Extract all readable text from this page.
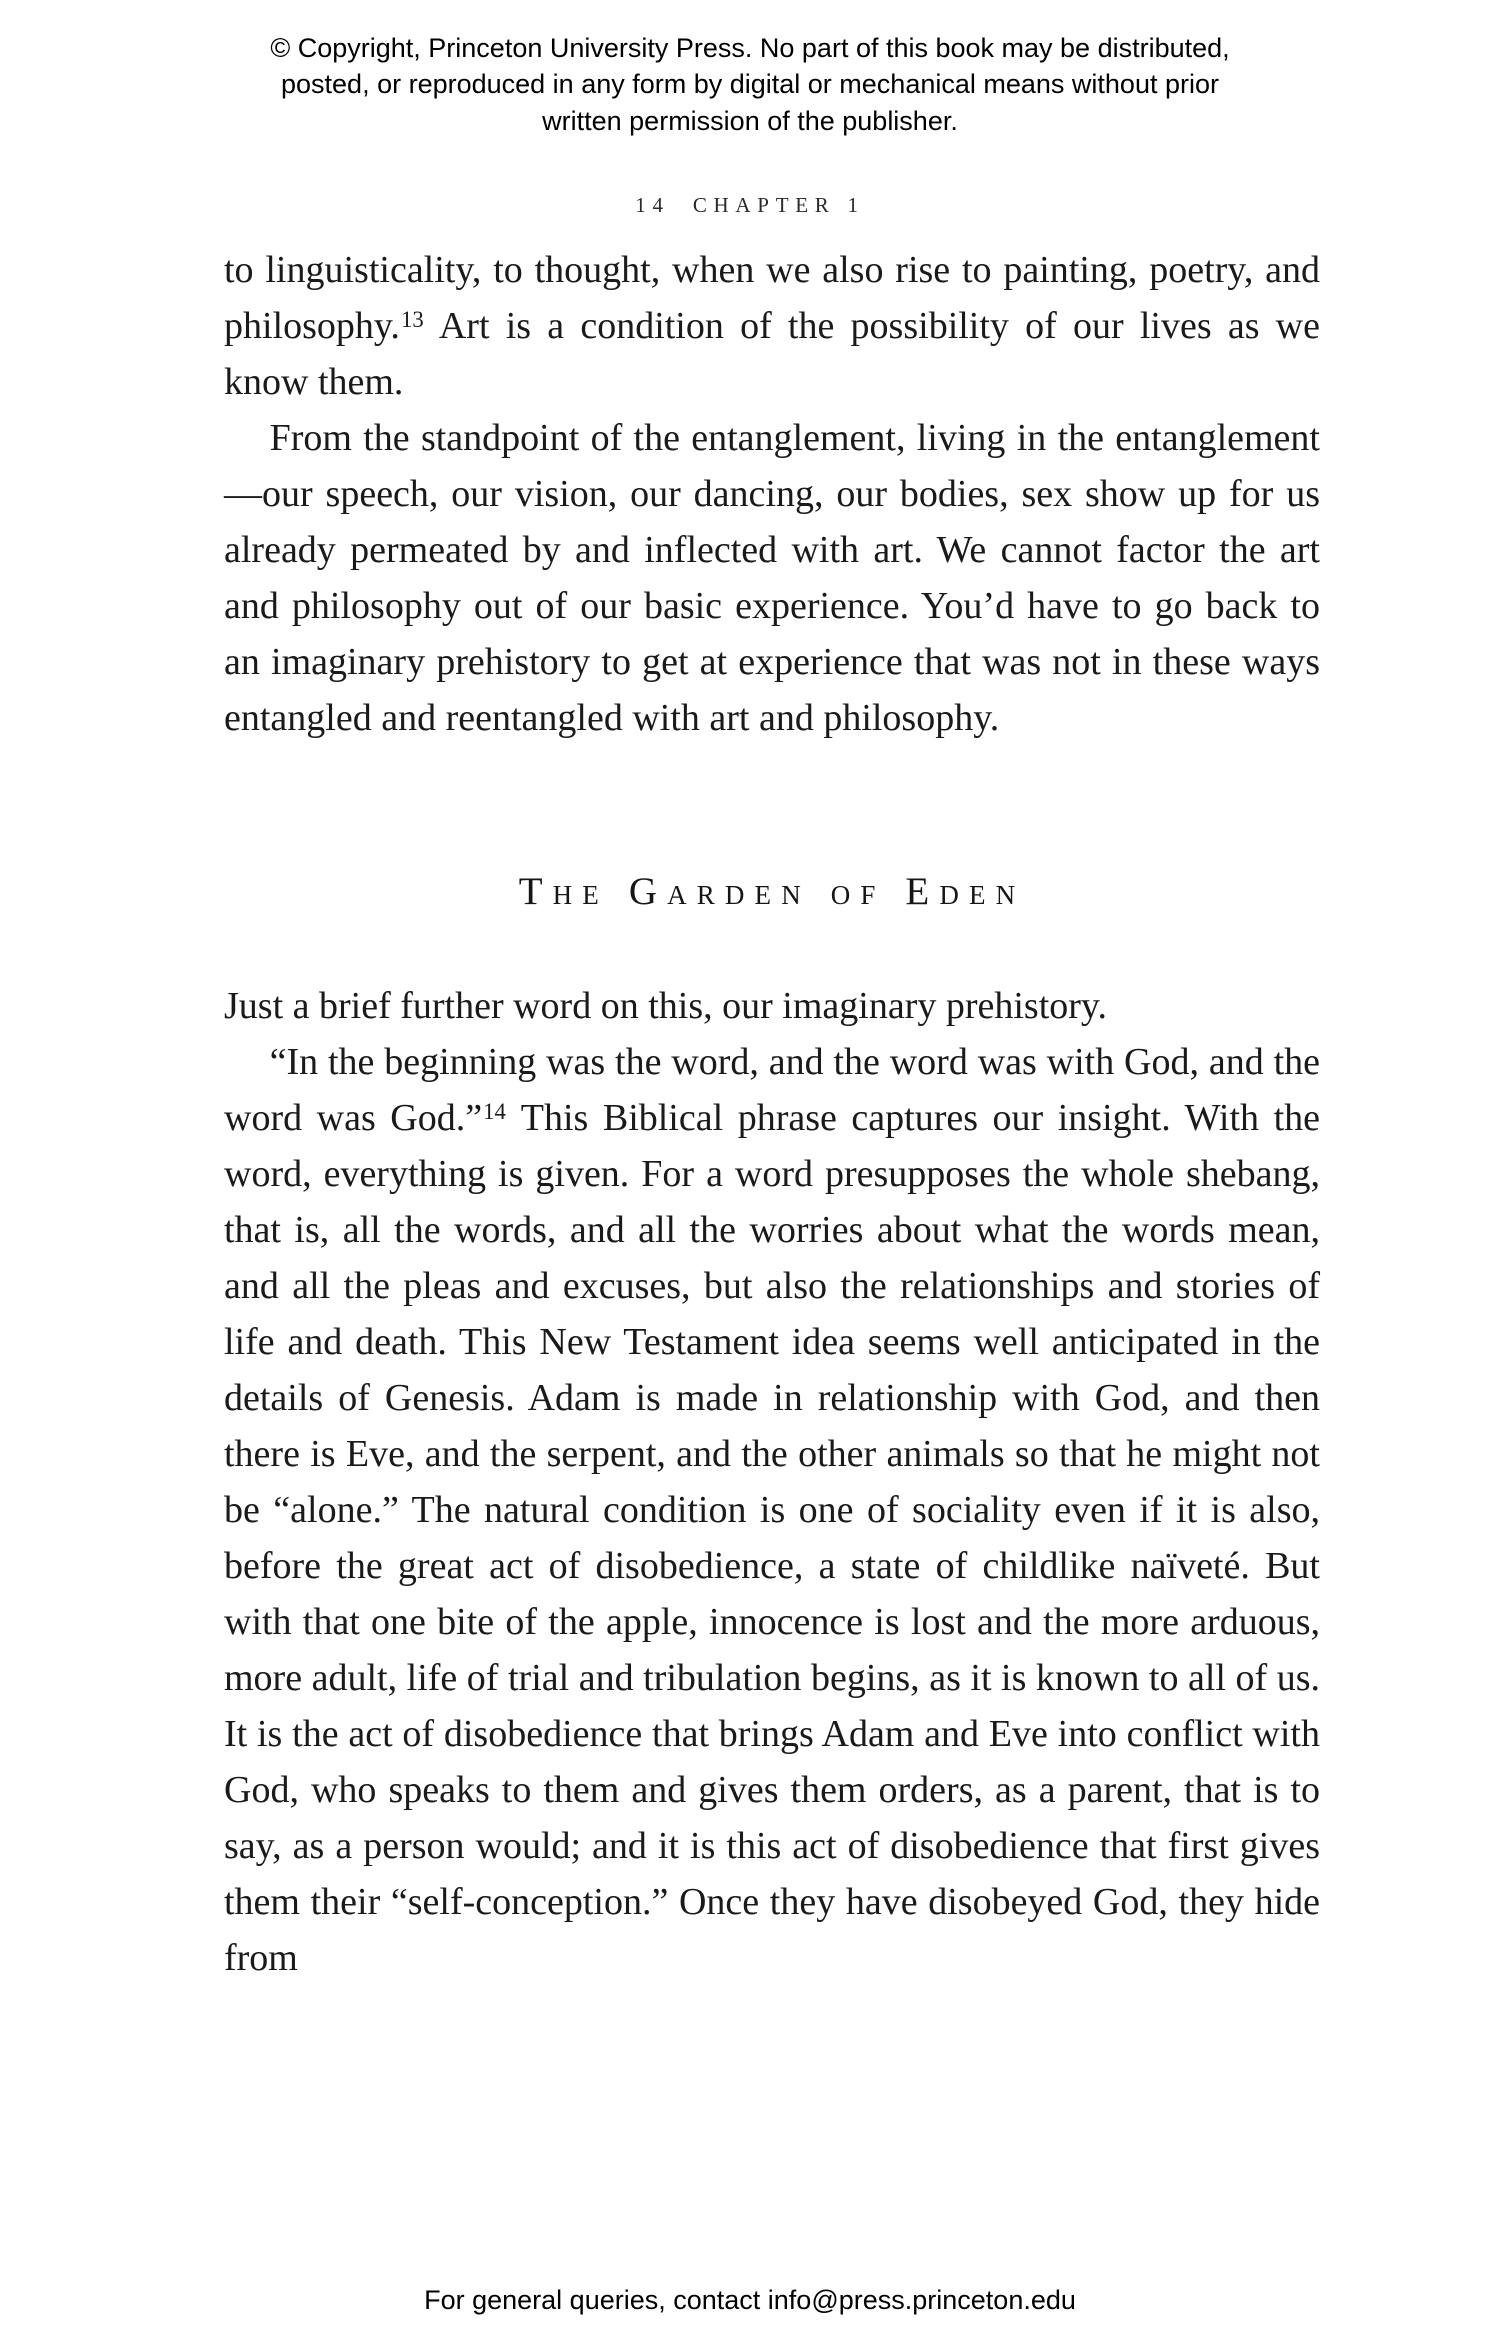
© Copyright, Princeton University Press. No part of this book may be distributed, posted, or reproduced in any form by digital or mechanical means without prior written permission of the publisher.
14 CHAPTER 1

to linguisticality, to thought, when we also rise to painting, poetry, and philosophy.$^{13}$ Art is a condition of the possibility of our lives as we know them.

From the standpoint of the entanglement, living in the entanglement—our speech, our vision, our dancing, our bodies, sex show up for us already permeated by and inflected with art. We cannot factor the art and philosophy out of our basic experience. You’d have to go back to an imaginary prehistory to get at experience that was not in these ways entangled and reentangled with art and philosophy.

The Garden of Eden

Just a brief further word on this, our imaginary prehistory.

“In the beginning was the word, and the word was with God, and the word was God.”$^{14}$ This Biblical phrase captures our insight. With the word, everything is given. For a word presupposes the whole shebang, that is, all the words, and all the worries about what the words mean, and all the pleas and excuses, but also the relationships and stories of life and death. This New Testament idea seems well anticipated in the details of Genesis. Adam is made in relationship with God, and then there is Eve, and the serpent, and the other animals so that he might not be “alone.” The natural condition is one of sociality even if it is also, before the great act of disobedience, a state of childlike naïveté. But with that one bite of the apple, innocence is lost and the more arduous, more adult, life of trial and tribulation begins, as it is known to all of us. It is the act of disobedience that brings Adam and Eve into conflict with God, who speaks to them and gives them orders, as a parent, that is to say, as a person would; and it is this act of disobedience that first gives them their “self-conception.” Once they have disobeyed God, they hide from

For general queries, contact info@press.princeton.edu
